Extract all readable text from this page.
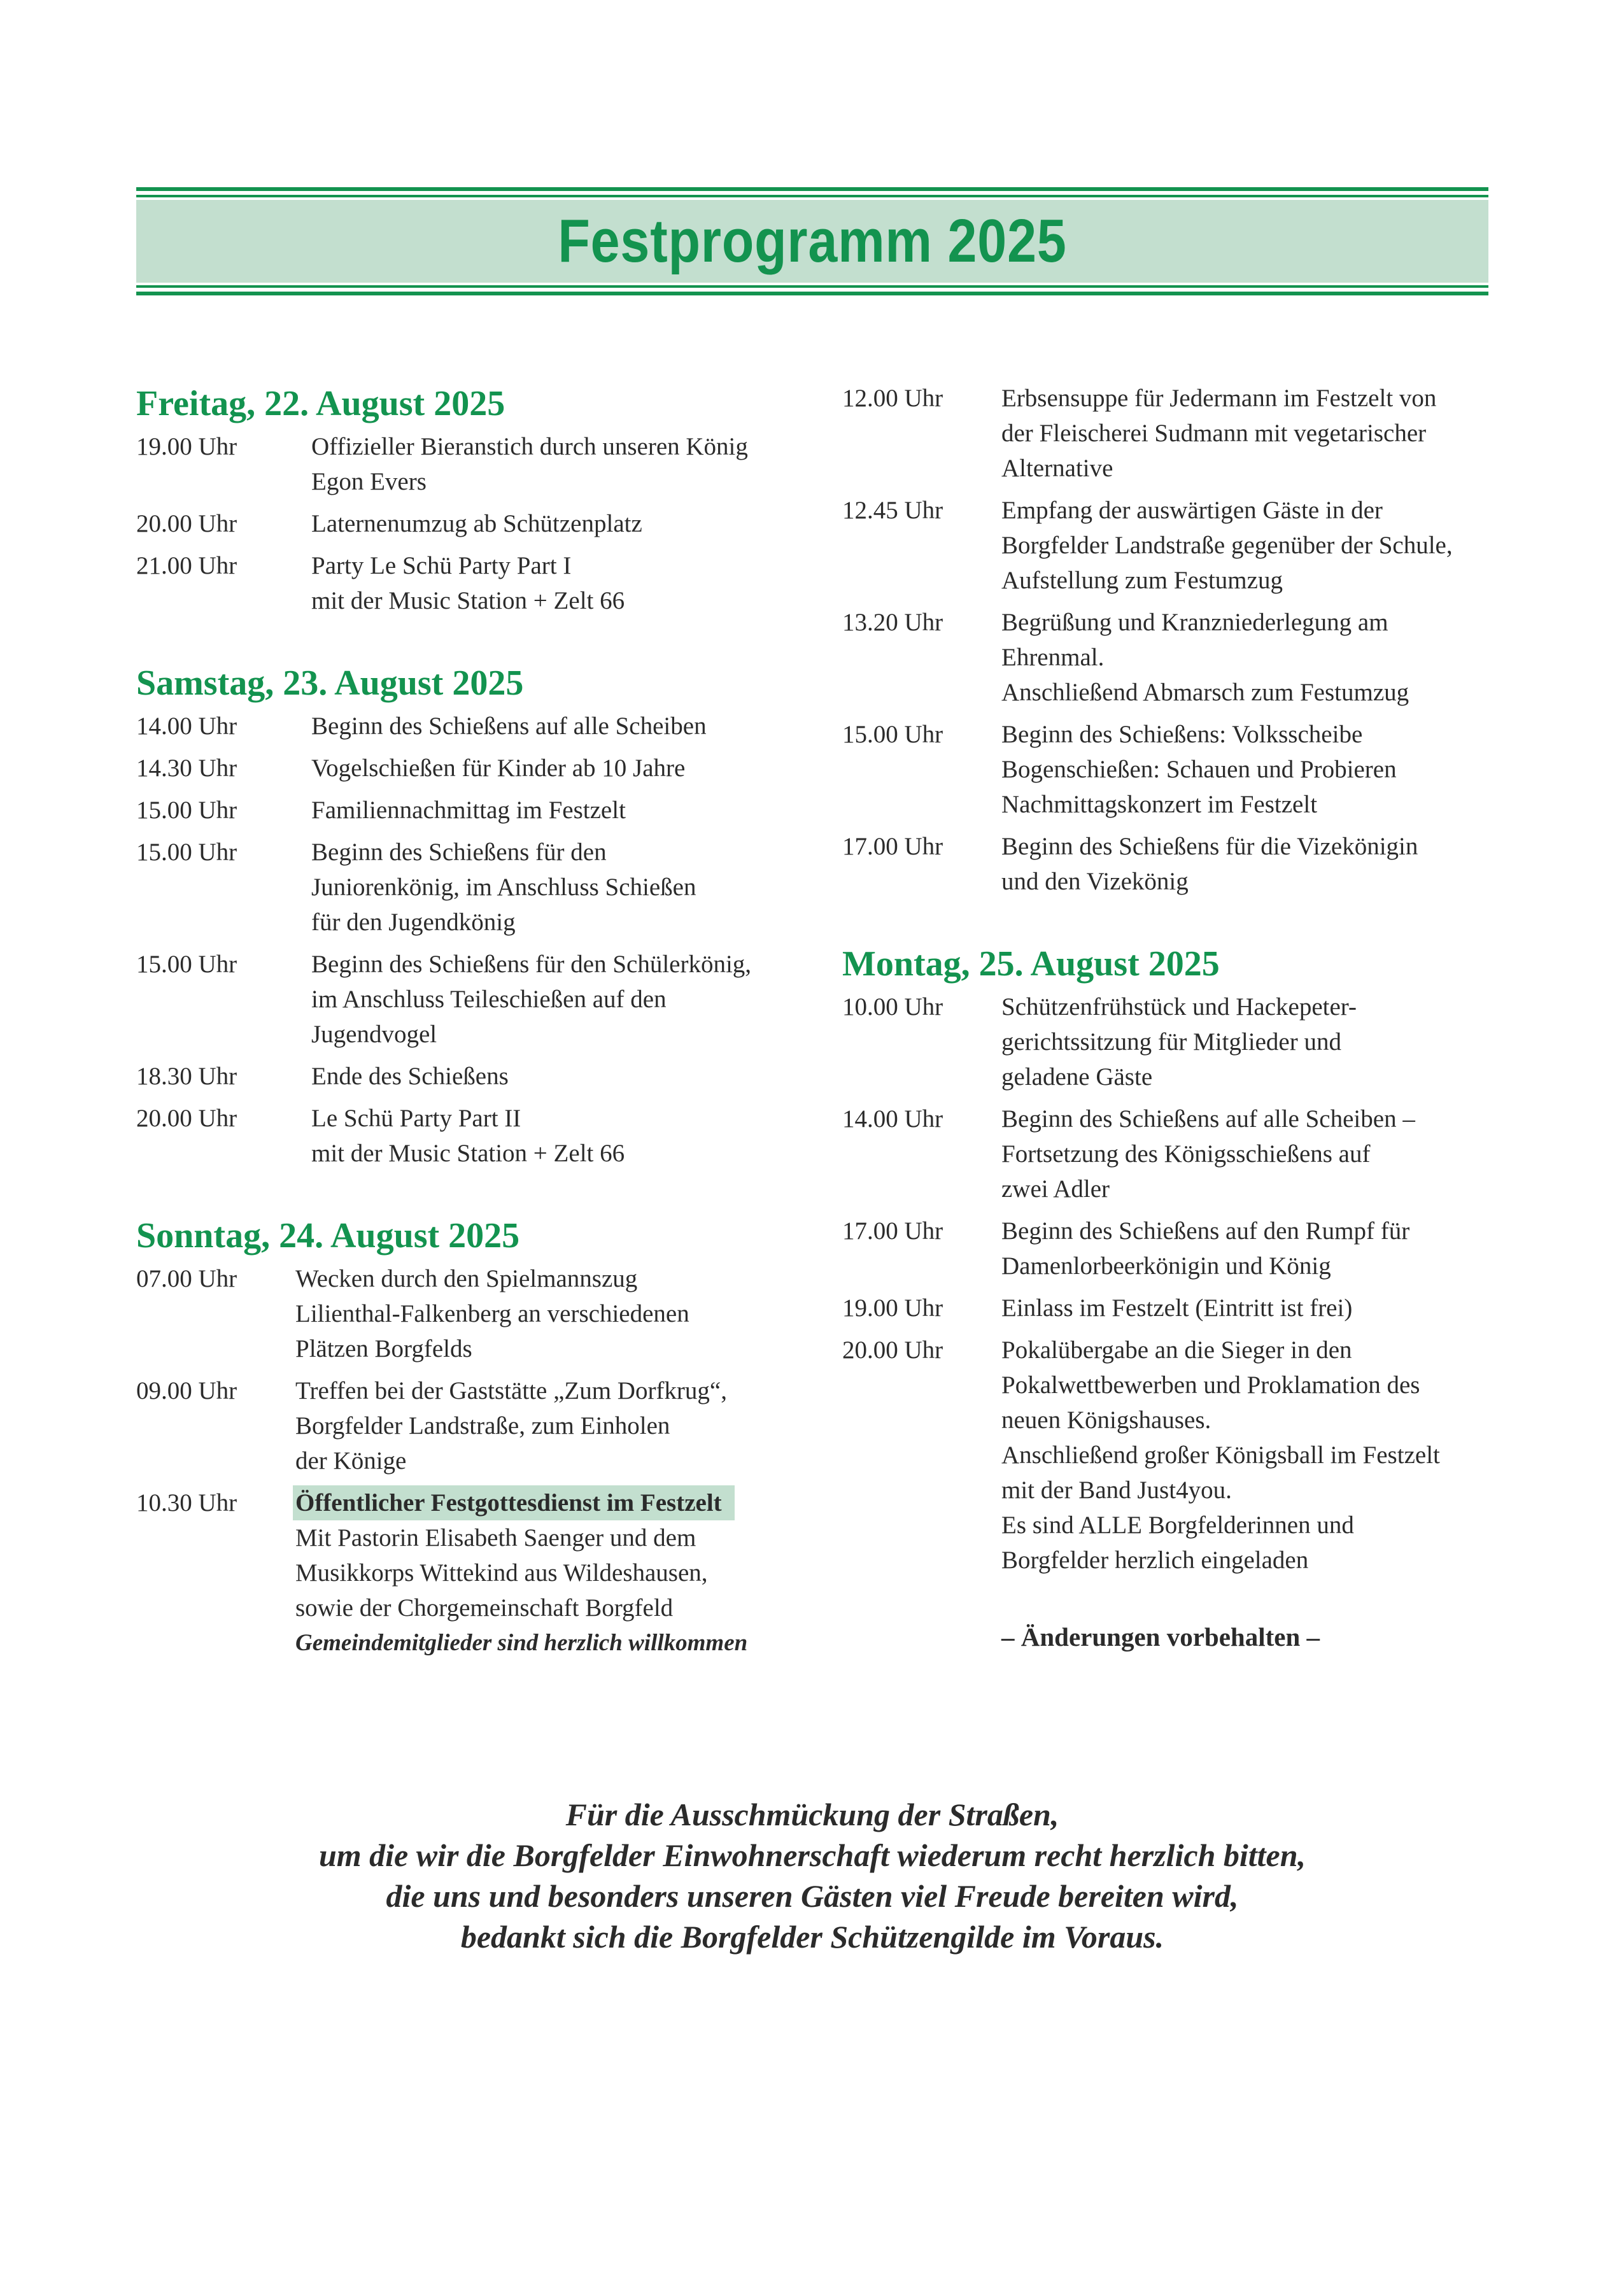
Festprogramm 2025
Freitag, 22. August 2025
19.00 Uhr	Offizieller Bieranstich durch unseren König
Egon Evers
20.00 Uhr	Laternenumzug ab Schützenplatz
21.00 Uhr	Party Le Schü Party Part I
mit der Music Station + Zelt 66
Samstag, 23. August 2025
14.00 Uhr	Beginn des Schießens auf alle Scheiben
14.30 Uhr	Vogelschießen für Kinder ab 10 Jahre
15.00 Uhr	Familiennachmittag im Festzelt
15.00 Uhr	Beginn des Schießens für den
Juniorenkönig, im Anschluss Schießen
für den Jugendkönig
15.00 Uhr	Beginn des Schießens für den Schülerkönig,
im Anschluss Teileschießen auf den
Jugendvogel
18.30 Uhr	Ende des Schießens
20.00 Uhr	Le Schü Party Part II
mit der Music Station + Zelt 66
Sonntag, 24. August 2025
07.00 Uhr	Wecken durch den Spielmannszug
Lilienthal-Falkenberg an verschiedenen
Plätzen Borgfelds
09.00 Uhr	Treffen bei der Gaststätte „Zum Dorfkrug“,
Borgfelder Landstraße, zum Einholen
der Könige
10.30 Uhr	Öffentlicher Festgottesdienst im Festzelt
Mit Pastorin Elisabeth Saenger und dem
Musikkorps Wittekind aus Wildeshausen,
sowie der Chorgemeinschaft Borgfeld
Gemeindemitglieder sind herzlich willkommen
12.00 Uhr	Erbsensuppe für Jedermann im Festzelt von
der Fleischerei Sudmann mit vegetarischer
Alternative
12.45 Uhr	Empfang der auswärtigen Gäste in der
Borgfelder Landstraße gegenüber der Schule,
Aufstellung zum Festumzug
13.20 Uhr	Begrüßung und Kranzniederlegung am
Ehrenmal.
Anschließend Abmarsch zum Festumzug
15.00 Uhr	Beginn des Schießens: Volksscheibe
Bogenschießen: Schauen und Probieren
Nachmittagskonzert im Festzelt
17.00 Uhr	Beginn des Schießens für die Vizekönigin
und den Vizekönig
Montag, 25. August 2025
10.00 Uhr	Schützenfrühstück und Hackepeter-
gerichtssitzung für Mitglieder und
geladene Gäste
14.00 Uhr	Beginn des Schießens auf alle Scheiben –
Fortsetzung des Königsschießens auf
zwei Adler
17.00 Uhr	Beginn des Schießens auf den Rumpf für
Damenlorbeerkönigin und König
19.00 Uhr	Einlass im Festzelt (Eintritt ist frei)
20.00 Uhr	Pokalübergabe an die Sieger in den
Pokalwettbewerben und Proklamation des
neuen Königshauses.
Anschließend großer Königsball im Festzelt
mit der Band Just4you.
Es sind ALLE Borgfelderinnen und
Borgfelder herzlich eingeladen
– Änderungen vorbehalten –
Für die Ausschmückung der Straßen,
um die wir die Borgfelder Einwohnerschaft wiederum recht herzlich bitten,
die uns und besonders unseren Gästen viel Freude bereiten wird,
bedankt sich die Borgfelder Schützengilde im Voraus.
